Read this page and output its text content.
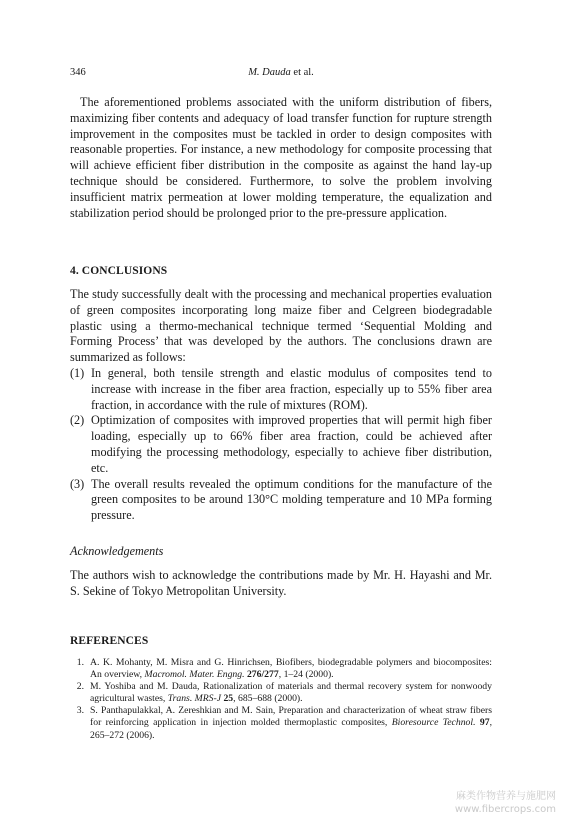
346	M. Dauda et al.

The aforementioned problems associated with the uniform distribution of fibers, maximizing fiber contents and adequacy of load transfer function for rupture strength improvement in the composites must be tackled in order to design composites with reasonable properties. For instance, a new methodology for composite processing that will achieve efficient fiber distribution in the composite as against the hand lay-up technique should be considered. Furthermore, to solve the problem involving insufficient matrix permeation at lower molding temperature, the equalization and stabilization period should be prolonged prior to the pre-pressure application.

4. CONCLUSIONS

The study successfully dealt with the processing and mechanical properties evaluation of green composites incorporating long maize fiber and Celgreen biodegradable plastic using a thermo-mechanical technique termed ‘Sequential Molding and Forming Process’ that was developed by the authors. The conclusions drawn are summarized as follows:

(1) In general, both tensile strength and elastic modulus of composites tend to increase with increase in the fiber area fraction, especially up to 55% fiber area fraction, in accordance with the rule of mixtures (ROM).
(2) Optimization of composites with improved properties that will permit high fiber loading, especially up to 66% fiber area fraction, could be achieved after modifying the processing methodology, especially to achieve fiber distribution, etc.
(3) The overall results revealed the optimum conditions for the manufacture of the green composites to be around 130°C molding temperature and 10 MPa forming pressure.
Acknowledgements

The authors wish to acknowledge the contributions made by Mr. H. Hayashi and Mr. S. Sekine of Tokyo Metropolitan University.

REFERENCES
1. A. K. Mohanty, M. Misra and G. Hinrichsen, Biofibers, biodegradable polymers and biocomposites: An overview, Macromol. Mater. Engng. 276/277, 1–24 (2000).
2. M. Yoshiba and M. Dauda, Rationalization of materials and thermal recovery system for nonwoody agricultural wastes, Trans. MRS-J 25, 685–688 (2000).
3. S. Panthapulakkal, A. Zereshkian and M. Sain, Preparation and characterization of wheat straw fibers for reinforcing application in injection molded thermoplastic composites, Bioresource Technol. 97, 265–272 (2006).
麻类作物营养与施肥网
www.fibercrops.com
